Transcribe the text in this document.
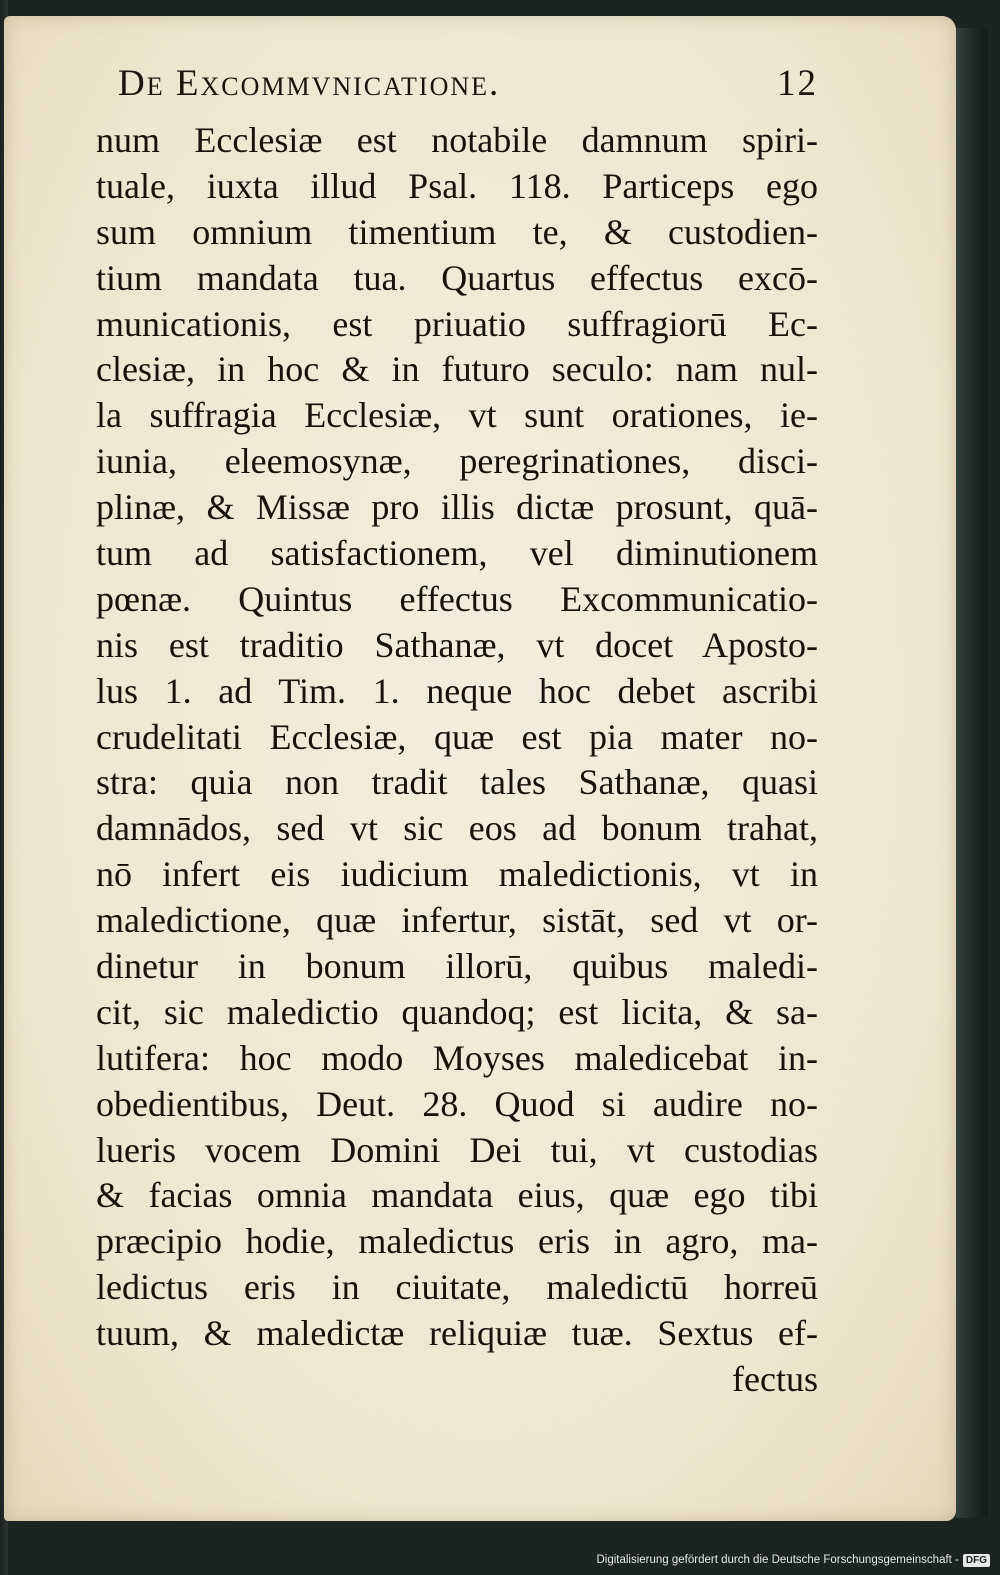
De Excommvnicatione.	12
num Ecclesiæ est notabile damnum spiri-
tuale, iuxta illud Psal. 118. Particeps ego
sum omnium timentium te, & custodien-
tium mandata tua. Quartus effectus excō-
municationis, est priuatio suffragiorū Ec-
clesiæ, in hoc & in futuro seculo: nam nul-
la suffragia Ecclesiæ, vt sunt orationes, ie-
iunia, eleemosynæ, peregrinationes, disci-
plinæ, & Missæ pro illis dictæ prosunt, quā-
tum ad satisfactionem, vel diminutionem
pœnæ. Quintus effectus Excommunicatio-
nis est traditio Sathanæ, vt docet Aposto-
lus 1. ad Tim. 1. neque hoc debet ascribi
crudelitati Ecclesiæ, quæ est pia mater no-
stra: quia non tradit tales Sathanæ, quasi
damnādos, sed vt sic eos ad bonum trahat,
nō infert eis iudicium maledictionis, vt in
maledictione, quæ infertur, sistāt, sed vt or-
dinetur in bonum illorū, quibus maledi-
cit, sic maledictio quandoq; est licita, & sa-
lutifera: hoc modo Moyses maledicebat in-
obedientibus, Deut. 28. Quod si audire no-
lueris vocem Domini Dei tui, vt custodias
& facias omnia mandata eius, quæ ego tibi
præcipio hodie, maledictus eris in agro, ma-
ledictus eris in ciuitate, maledictū horreū
tuum, & maledictæ reliquiæ tuæ. Sextus ef-
fectus
Digitalisierung gefördert durch die Deutsche Forschungsgemeinschaft - DFG
